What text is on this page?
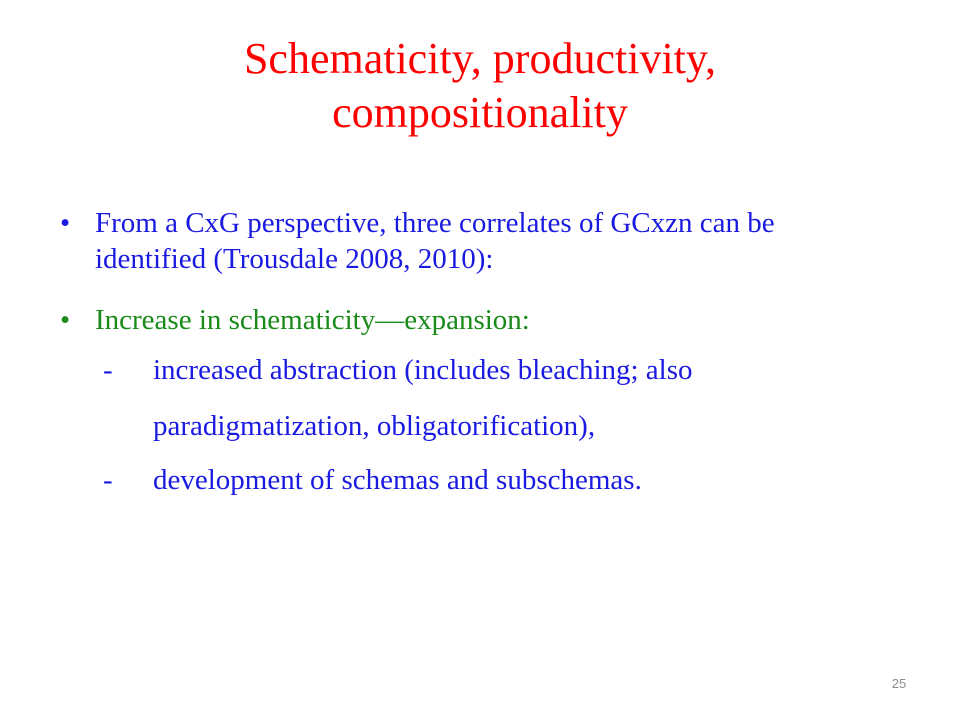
Schematicity, productivity,
compositionality
• From a CxG perspective, three correlates of GCxzn can be identified (Trousdale 2008, 2010):
• Increase in schematicity—expansion:
-	increased abstraction (includes bleaching; also
paradigmatization, obligatorification),
-	development of schemas and subschemas.
25
